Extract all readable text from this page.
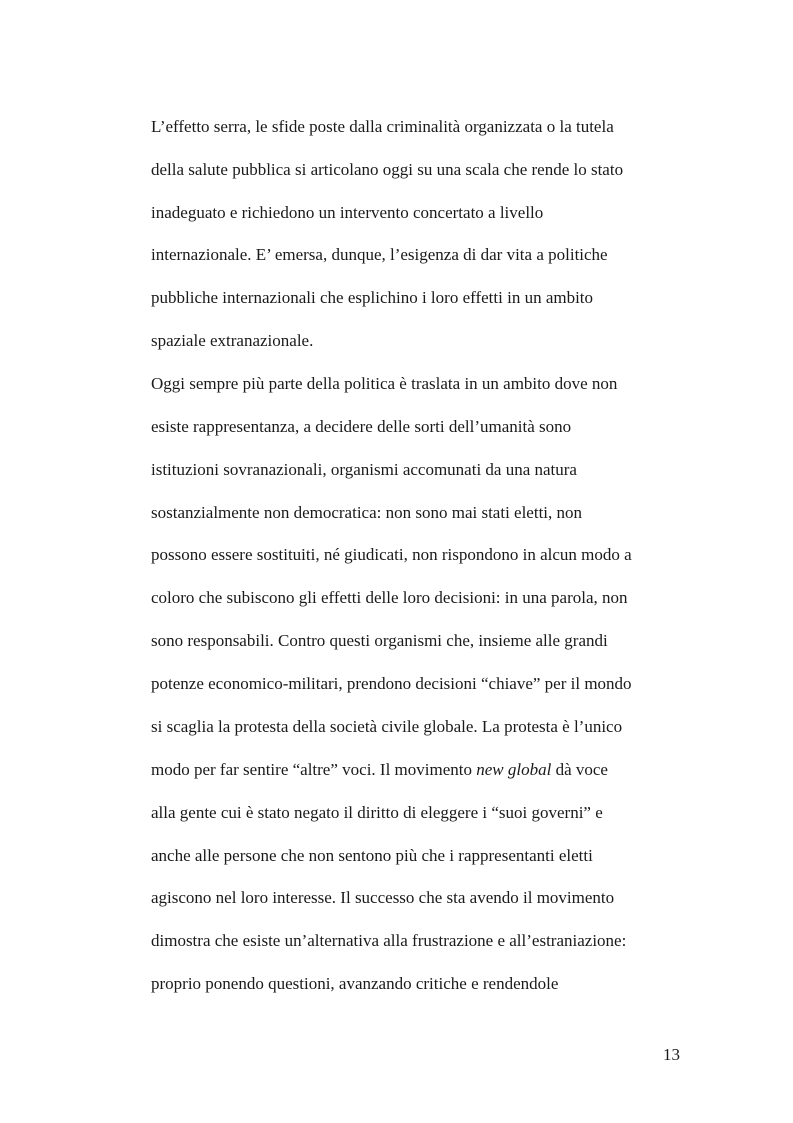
L’effetto serra, le sfide poste dalla criminalità organizzata o la tutela

della salute pubblica si articolano oggi su una scala che rende lo stato

inadeguato e richiedono un intervento concertato a livello

internazionale. E’ emersa, dunque, l’esigenza di dar vita a politiche

pubbliche internazionali che esplichino i loro effetti in un ambito

spaziale extranazionale.

Oggi sempre più parte della politica è traslata in un ambito dove non

esiste rappresentanza, a decidere delle sorti dell’umanità sono

istituzioni sovranazionali, organismi accomunati da una natura

sostanzialmente non democratica: non sono mai stati eletti, non

possono essere sostituiti, né giudicati, non rispondono in alcun modo a

coloro che subiscono gli effetti delle loro decisioni: in una parola, non

sono responsabili. Contro questi organismi che, insieme alle grandi

potenze economico-militari, prendono decisioni “chiave” per il mondo

si scaglia la protesta della società civile globale. La protesta è l’unico

modo per far sentire “altre” voci. Il movimento new global dà voce

alla gente cui è stato negato il diritto di eleggere i “suoi governi” e

anche alle persone che non sentono più che i rappresentanti eletti

agiscono nel loro interesse. Il successo che sta avendo il movimento

dimostra che esiste un’alternativa alla frustrazione e all’estraniazione:

proprio ponendo questioni, avanzando critiche e rendendole

13
